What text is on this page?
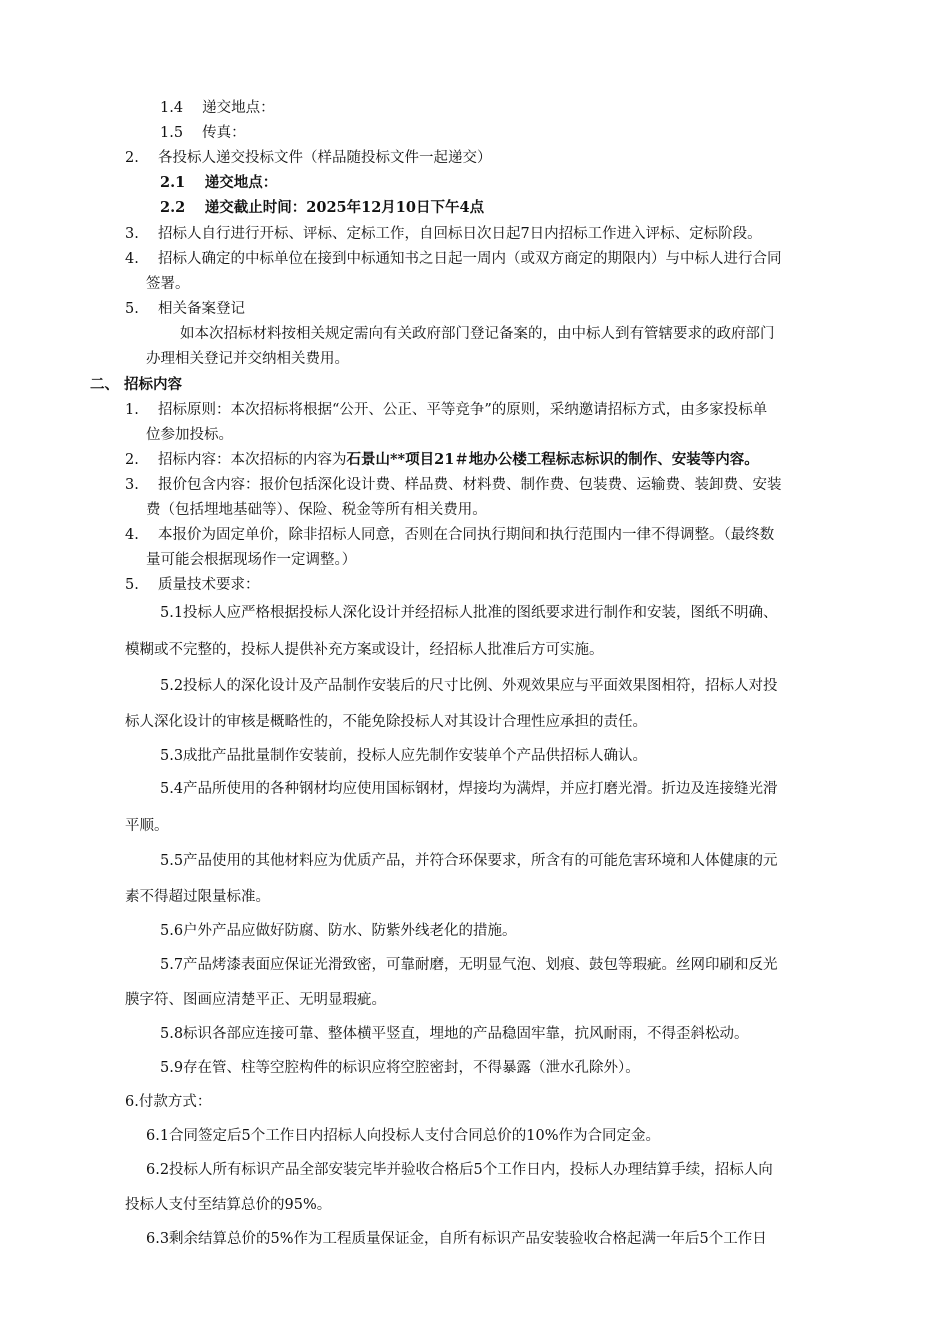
1.4　 递交地点：
1.5　 传真：
2.　 各投标人递交投标文件（样品随投标文件一起递交）
2.1　 递交地点：
2.2　 递交截止时间：2025年12月10日下午4点
3.　 招标人自行进行开标、评标、定标工作，自回标日次日起7日内招标工作进入评标、定标阶段。
4.　 招标人确定的中标单位在接到中标通知书之日起一周内（或双方商定的期限内）与中标人进行合同
签署。
5.　 相关备案登记
如本次招标材料按相关规定需向有关政府部门登记备案的，由中标人到有管辖要求的政府部门
办理相关登记并交纳相关费用。
二、 招标内容
1.　 招标原则：本次招标将根据“公开、公正、平等竞争”的原则，采纳邀请招标方式，由多家投标单
位参加投标。
2.　 招标内容：本次招标的内容为石景山**项目21＃地办公楼工程标志标识的制作、安装等内容。
3.　 报价包含内容：报价包括深化设计费、样品费、材料费、制作费、包装费、运输费、装卸费、安装
费（包括埋地基础等）、保险、税金等所有相关费用。
4.　 本报价为固定单价，除非招标人同意，否则在合同执行期间和执行范围内一律不得调整。（最终数
量可能会根据现场作一定调整。）
5.　 质量技术要求：
5.1投标人应严格根据投标人深化设计并经招标人批准的图纸要求进行制作和安装，图纸不明确、
模糊或不完整的，投标人提供补充方案或设计，经招标人批准后方可实施。
5.2投标人的深化设计及产品制作安装后的尺寸比例、外观效果应与平面效果图相符，招标人对投
标人深化设计的审核是概略性的，不能免除投标人对其设计合理性应承担的责任。
5.3成批产品批量制作安装前，投标人应先制作安装单个产品供招标人确认。
5.4产品所使用的各种钢材均应使用国标钢材，焊接均为满焊，并应打磨光滑。折边及连接缝光滑
平顺。
5.5产品使用的其他材料应为优质产品，并符合环保要求，所含有的可能危害环境和人体健康的元
素不得超过限量标准。
5.6户外产品应做好防腐、防水、防紫外线老化的措施。
5.7产品烤漆表面应保证光滑致密，可靠耐磨，无明显气泡、划痕、鼓包等瑕疵。丝网印刷和反光
膜字符、图画应清楚平正、无明显瑕疵。
5.8标识各部应连接可靠、整体横平竖直，埋地的产品稳固牢靠，抗风耐雨，不得歪斜松动。
5.9存在管、柱等空腔构件的标识应将空腔密封，不得暴露（泄水孔除外）。
6.付款方式：
6.1合同签定后5个工作日内招标人向投标人支付合同总价的10%作为合同定金。
6.2投标人所有标识产品全部安装完毕并验收合格后5个工作日内，投标人办理结算手续，招标人向
投标人支付至结算总价的95%。
6.3剩余结算总价的5%作为工程质量保证金，自所有标识产品安装验收合格起满一年后5个工作日
